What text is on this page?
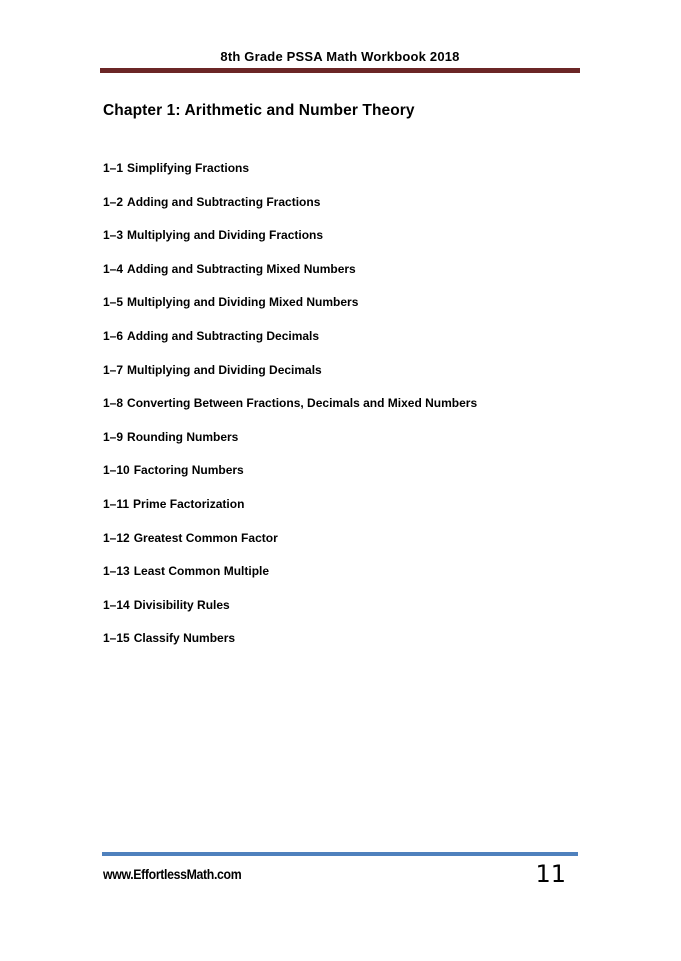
8th Grade PSSA Math Workbook 2018
Chapter 1: Arithmetic and Number Theory
1–1 Simplifying Fractions
1–2 Adding and Subtracting Fractions
1–3 Multiplying and Dividing Fractions
1–4 Adding and Subtracting Mixed Numbers
1–5 Multiplying and Dividing Mixed Numbers
1–6 Adding and Subtracting Decimals
1–7 Multiplying and Dividing Decimals
1–8 Converting Between Fractions, Decimals and Mixed Numbers
1–9 Rounding Numbers
1–10 Factoring Numbers
1–11 Prime Factorization
1–12 Greatest Common Factor
1–13 Least Common Multiple
1–14 Divisibility Rules
1–15 Classify Numbers
www.EffortlessMath.com	11
